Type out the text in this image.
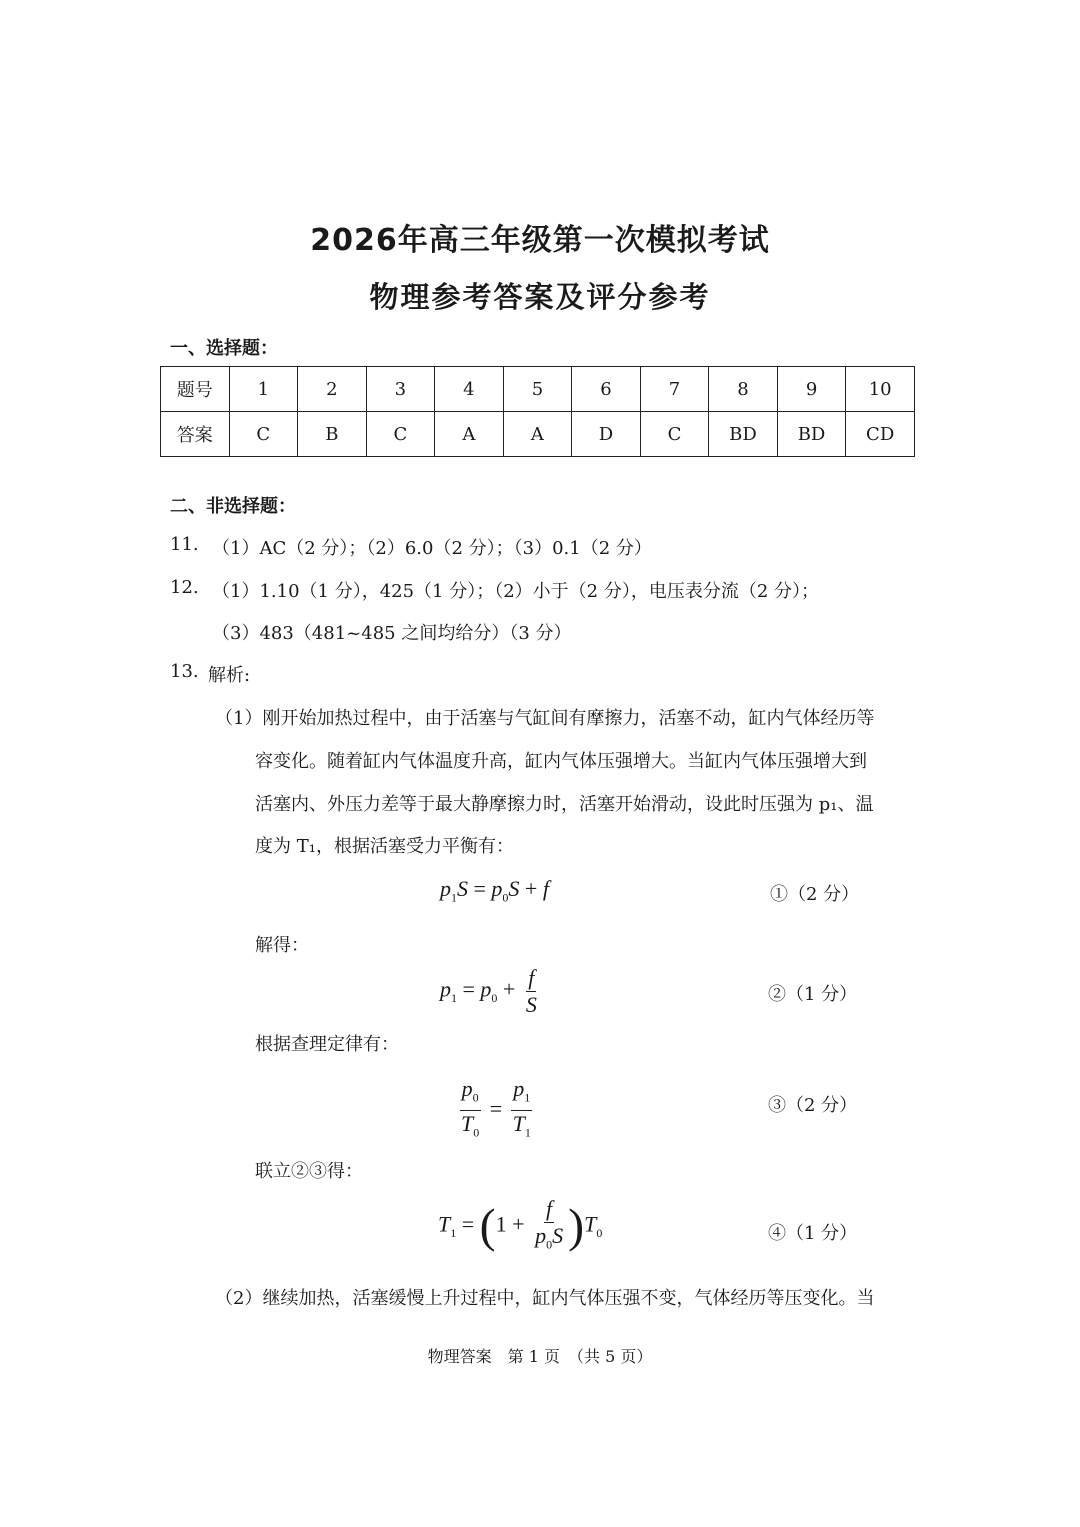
2026年高三年级第一次模拟考试
物理参考答案及评分参考
一、选择题：
题号	1	2	3	4	5	6	7	8	9	10
答案	C	B	C	A	A	D	C	BD	BD	CD
二、非选择题：
11. （1）AC（2 分）；（2）6.0（2 分）；（3）0.1（2 分）
12. （1）1.10（1 分），425（1 分）；（2）小于（2 分），电压表分流（2 分）；
（3）483（481~485 之间均给分）（3 分）
13. 解析:
（1）刚开始加热过程中，由于活塞与气缸间有摩擦力，活塞不动，缸内气体经历等
容变化。随着缸内气体温度升高，缸内气体压强增大。当缸内气体压强增大到
活塞内、外压力差等于最大静摩擦力时，活塞开始滑动，设此时压强为 p₁、温
度为 T₁，根据活塞受力平衡有：
$p_1S = p_0S + f$	①（2 分）
解得：
$p_1 = p_0 + \frac{f}{S}$	②（1 分）
根据查理定律有：
$\frac{p_0}{T_0} = \frac{p_1}{T_1}$	③（2 分）
联立②③得：
$T_1 = (1 + \frac{f}{p_0S} )T_0$	④（1 分）
（2）继续加热，活塞缓慢上升过程中，缸内气体压强不变，气体经历等压变化。当
物理答案　第 1 页　（共 5 页）
